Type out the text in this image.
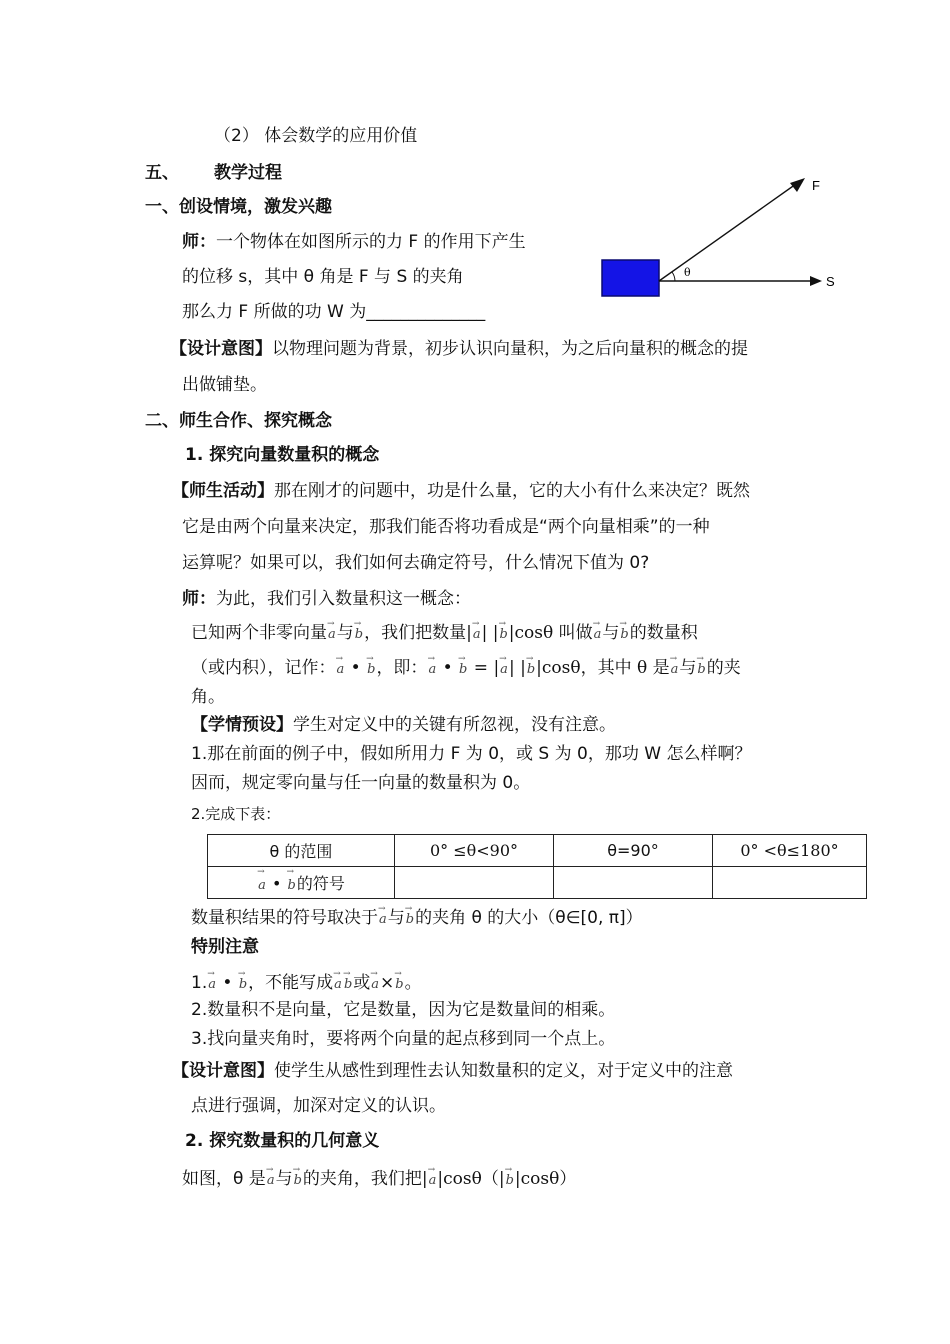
（2） 体会数学的应用价值
五、 教学过程
一、创设情境，激发兴趣
师：一个物体在如图所示的力 F 的作用下产生
的位移 s，其中 θ 角是 F 与 S 的夹角
那么力 F 所做的功 W 为______________
F
S
θ
【设计意图】以物理问题为背景，初步认识向量积，为之后向量积的概念的提
出做铺垫。
二、师生合作、探究概念
1. 探究向量数量积的概念
【师生活动】那在刚才的问题中，功是什么量，它的大小有什么来决定？既然
它是由两个向量来决定，那我们能否将功看成是“两个向量相乘”的一种
运算呢？如果可以，我们如何去确定符号，什么情况下值为 0?
师：为此，我们引入数量积这一概念：
已知两个非零向量→ a与→ b，我们把数量|→ a| |→ b|cosθ 叫做→ a与→ b的数量积
（或内积），记作：→ a • → b，即：→ a • → b = |→ a| |→ b|cosθ，其中 θ 是→ a与→ b的夹
角。
【学情预设】学生对定义中的关键有所忽视，没有注意。
1.那在前面的例子中，假如所用力 F 为 0，或 S 为 0，那功 W 怎么样啊？
因而，规定零向量与任一向量的数量积为 0。
2.完成下表：
θ 的范围	0° ≤θ<90°	θ=90°	0° <θ≤180°
→ a • → b的符号			
数量积结果的符号取决于→ a与→ b的夹角 θ 的大小（θ∈[0, π]）
特别注意
1.→ a • → b，不能写成→ a → b或→ a×→ b。
2.数量积不是向量，它是数量，因为它是数量间的相乘。
3.找向量夹角时，要将两个向量的起点移到同一个点上。
【设计意图】使学生从感性到理性去认知数量积的定义，对于定义中的注意
点进行强调，加深对定义的认识。
2. 探究数量积的几何意义
如图，θ 是→ a与→ b的夹角，我们把|→ a|cosθ（|→ b|cosθ）
